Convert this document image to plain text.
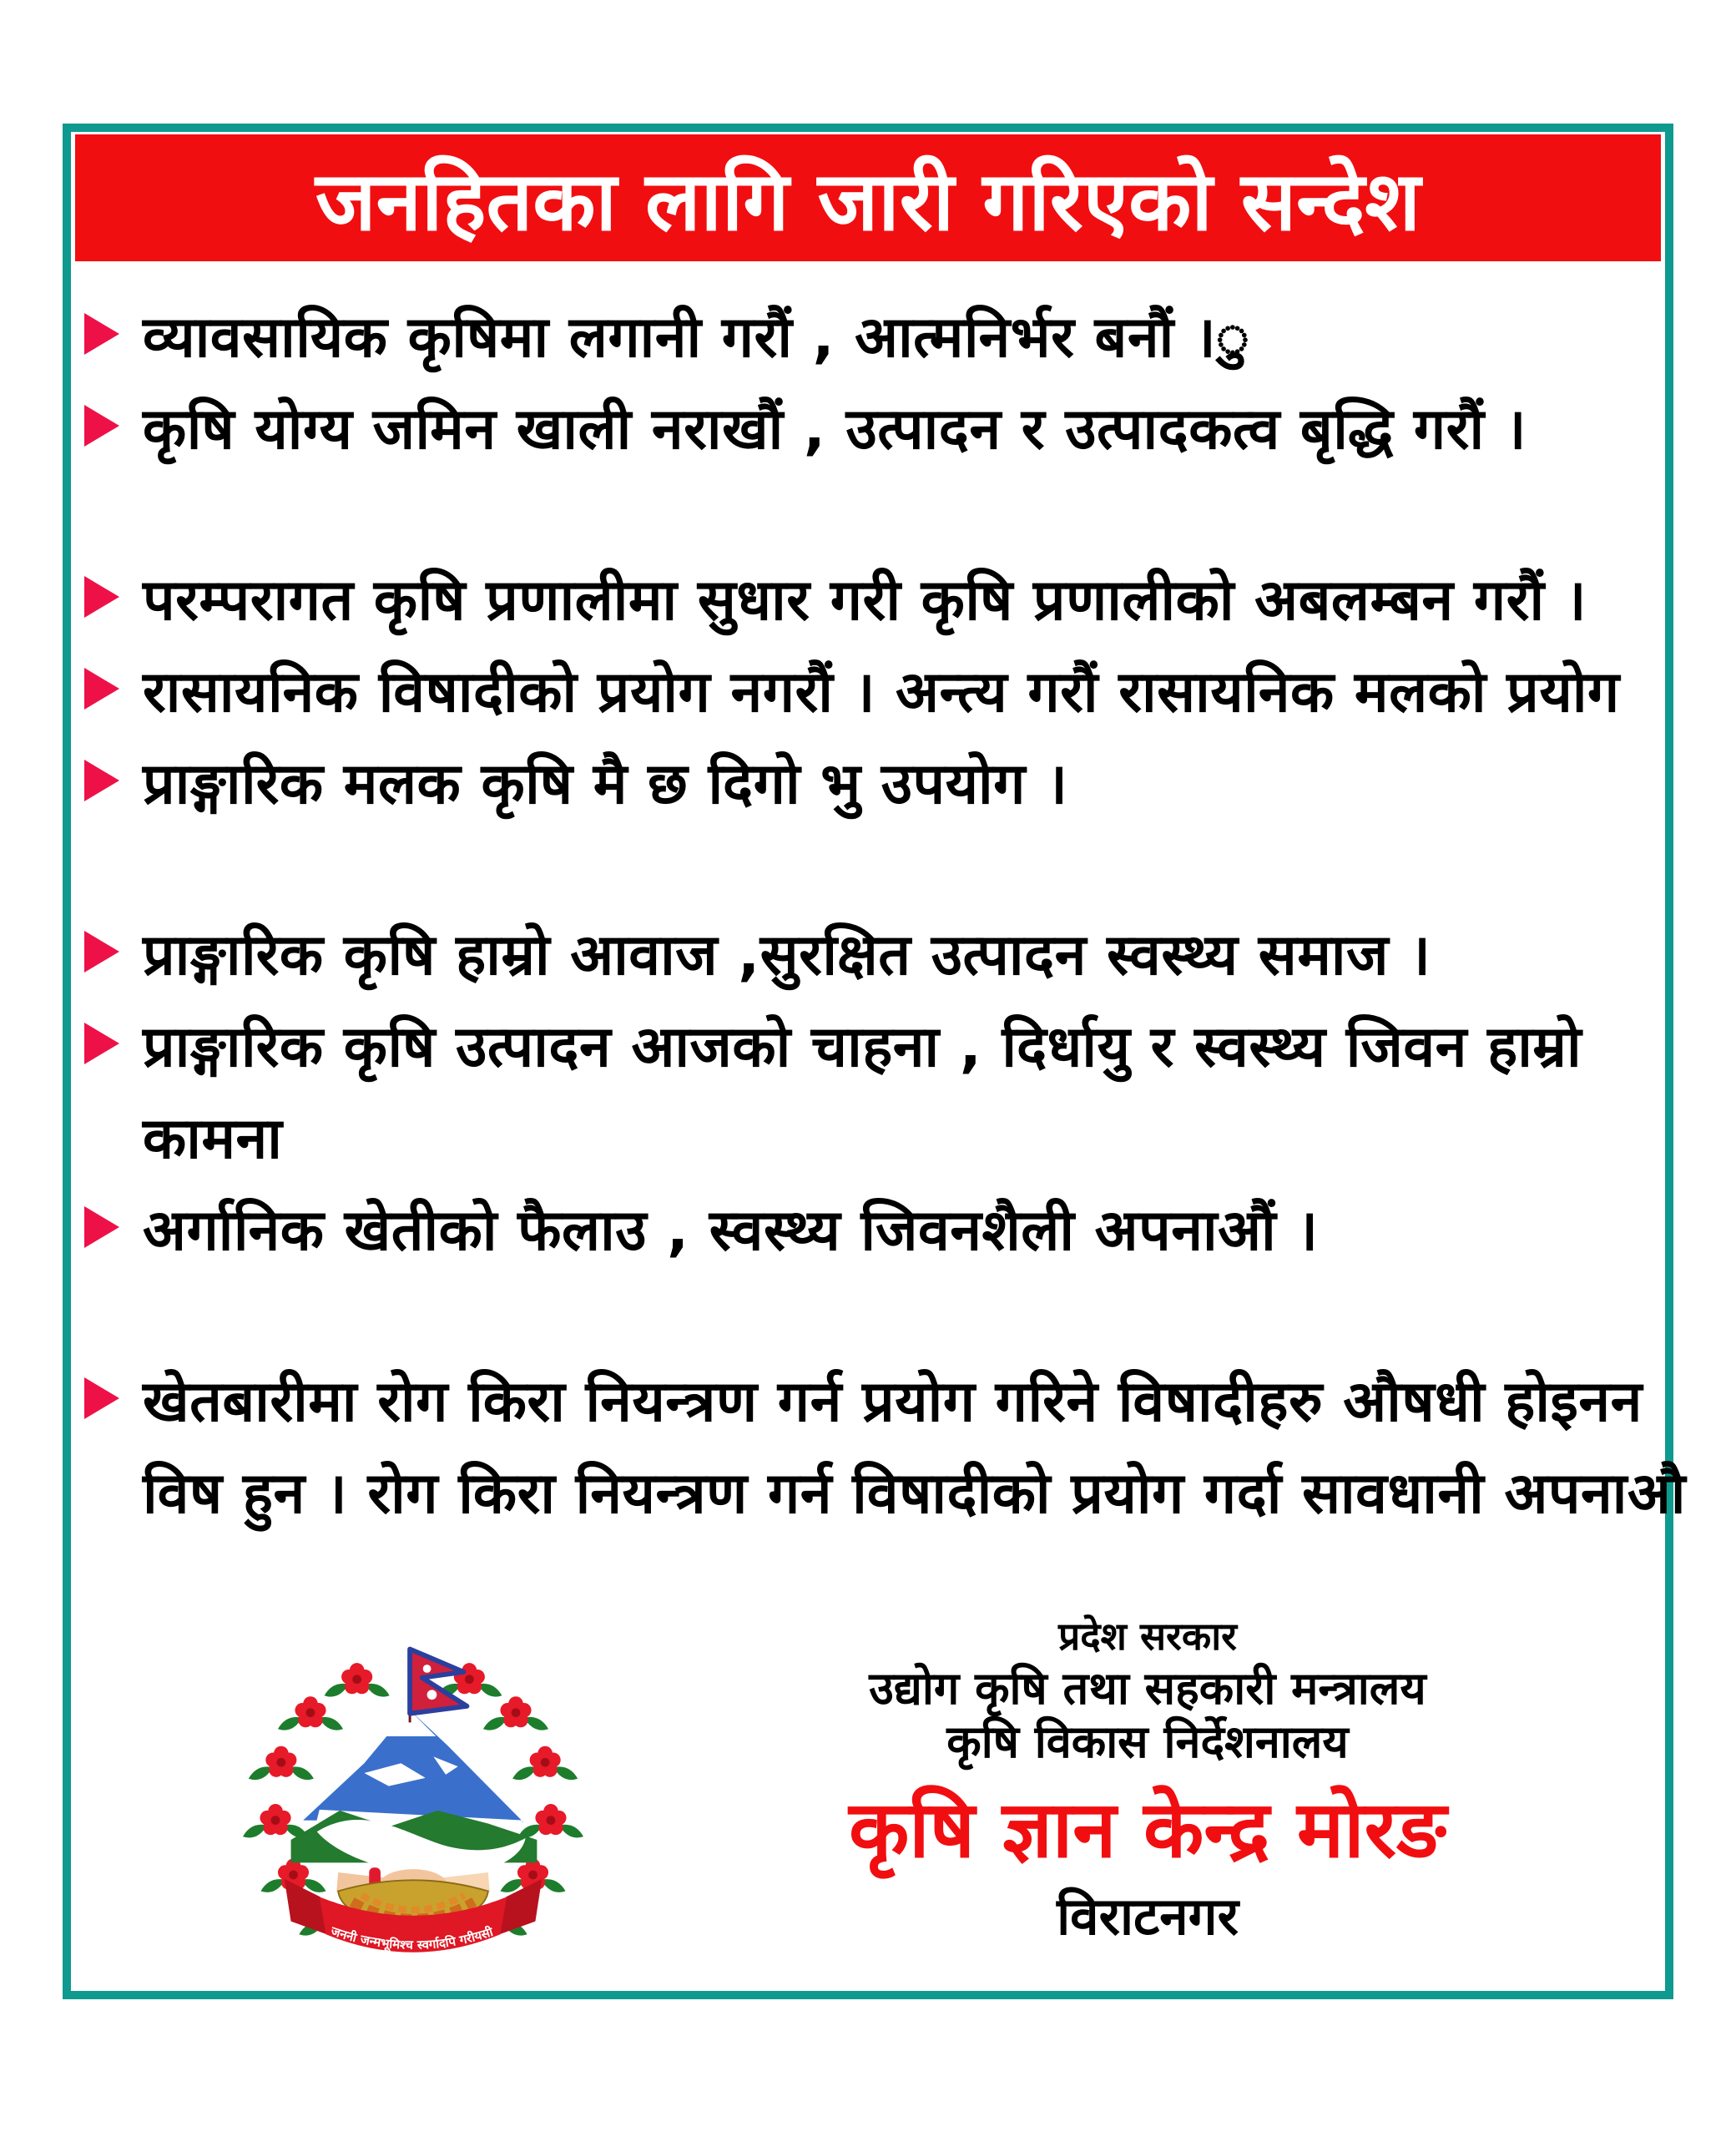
जनहितका लागि जारी गरिएको सन्देश
व्यावसायिक कृषिमा लगानी गरौं , आत्मनिर्भर बनौं ।ु
कृषि योग्य जमिन खाली नराखौं , उत्पादन र उत्पादकत्व बृद्धि गरौं ।
परम्परागत कृषि प्रणालीमा सुधार गरी कृषि प्रणालीको अबलम्बन गरौं ।
रासायनिक विषादीको प्रयोग नगरौं । अन्त्य गरौं रासायनिक मलको प्रयोग
प्राङ्गारिक मलक कृषि मै छ दिगो भु उपयोग ।
प्राङ्गारिक कृषि हाम्रो आवाज ,सुरक्षित उत्पादन स्वस्थ्य समाज ।
प्राङ्गारिक कृषि उत्पादन आजको चाहना , दिर्धायु र स्वस्थ्य जिवन हाम्रो
कामना
अर्गानिक खेतीको फैलाउ , स्वस्थ्य जिवनशैली अपनाऔं ।
खेतबारीमा रोग किरा नियन्त्रण गर्न प्रयोग गरिने विषादीहरु औषधी होइनन
विष हुन । रोग किरा नियन्त्रण गर्न विषादीको प्रयोग गर्दा सावधानी अपनाऔ
जननी जन्मभूमिश्च स्वर्गादपि गरीयसी
प्रदेश सरकार
उद्योग कृषि तथा सहकारी मन्त्रालय
कृषि विकास निर्देशनालय
कृषि ज्ञान केन्द्र मोरङ
विराटनगर
